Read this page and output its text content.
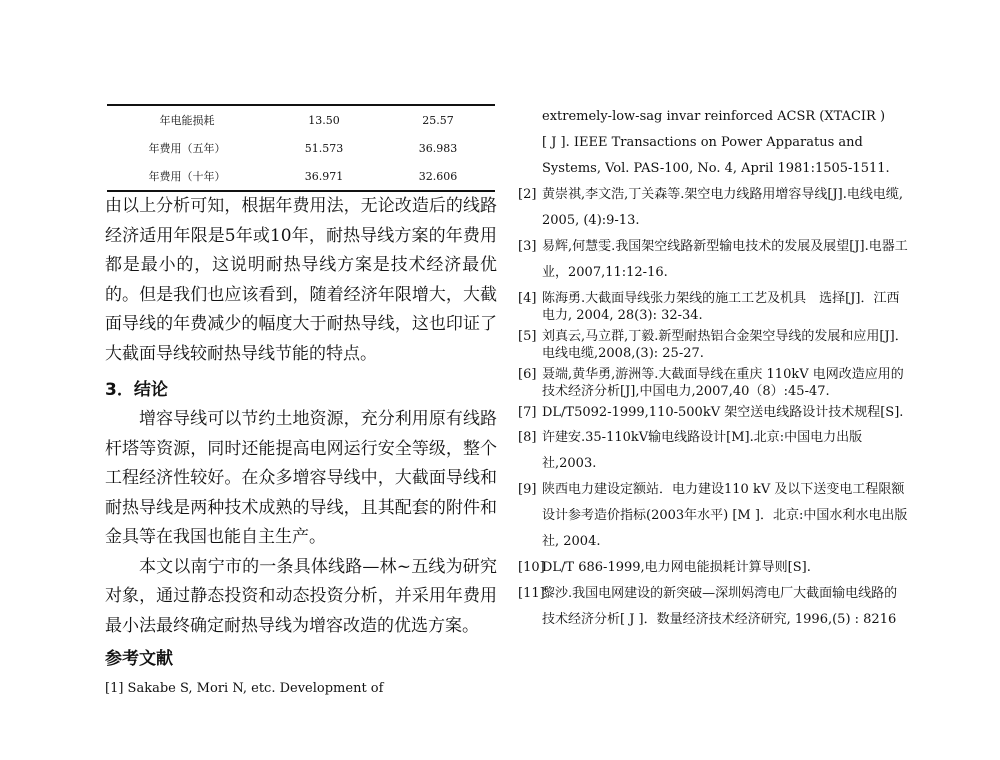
年电能损耗	13.50	25.57
年费用（五年）	51.573	36.983
年费用（十年）	36.971	32.606

由以上分析可知，根据年费用法，无论改造后的线路经济适用年限是5年或10年，耐热导线方案的年费用都是最小的，这说明耐热导线方案是技术经济最优的。但是我们也应该看到，随着经济年限增大，大截面导线的年费减少的幅度大于耐热导线，这也印证了大截面导线较耐热导线节能的特点。

3．结论

增容导线可以节约土地资源，充分利用原有线路杆塔等资源，同时还能提高电网运行安全等级，整个工程经济性较好。在众多增容导线中，大截面导线和耐热导线是两种技术成熟的导线，且其配套的附件和金具等在我国也能自主生产。

本文以南宁市的一条具体线路—林~五线为研究对象，通过静态投资和动态投资分析，并采用年费用最小法最终确定耐热导线为增容改造的优选方案。

参考文献

[1] Sakabe S, Mori N, etc. Development of

extremely-low-sag invar reinforced ACSR (XTACIR )
[ J ]. IEEE Transactions on Power Apparatus and
Systems, Vol. PAS-100, No. 4, April 1981:1505-1511.

[2] 黄崇祺,李文浩,丁关森等.架空电力线路用增容导线[J].电线电缆, 2005, (4):9-13.

[3] 易辉,何慧雯.我国架空线路新型输电技术的发展及展望[J].电器工业，2007,11:12-16.

[4] 陈海勇.大截面导线张力架线的施工工艺及机具　选择[J]．江西电力, 2004, 28(3): 32-34.

[5] 刘真云,马立群,丁毅.新型耐热铝合金架空导线的发展和应用[J]．电线电缆,2008,(3): 25-27.

[6] 聂端,黄华勇,游洲等.大截面导线在重庆 110kV 电网改造应用的技术经济分析[J],中国电力,2007,40（8）:45-47.

[7] DL/T5092-1999,110-500kV 架空送电线路设计技术规程[S].

[8] 许建安.35-110kV输电线路设计[M].北京:中国电力出版社,2003.

[9] 陕西电力建设定额站．电力建设110 kV 及以下送变电工程限额设计参考造价指标(2003年水平) [M ]．北京:中国水利水电出版社, 2004.

[10]
DL/T 686-1999,电力网电能损耗计算导则[S].

[11]
黎沙.我国电网建设的新突破—深圳妈湾电厂大截面输电线路的技术经济分析[ J ]．数量经济技术经济研究, 1996,(5) : 8216
